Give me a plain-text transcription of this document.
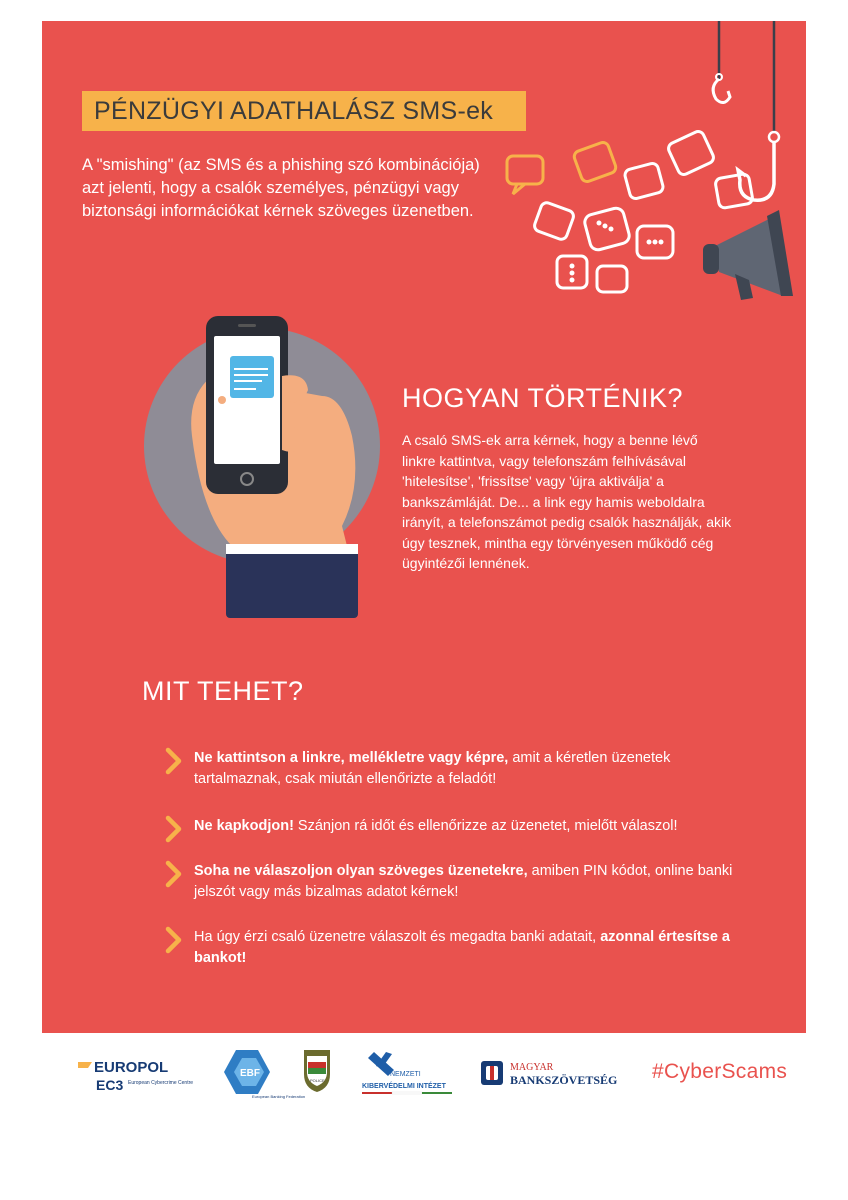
PÉNZÜGYI ADATHALÁSZ SMS-ek
A "smishing" (az SMS és a phishing szó kombinációja) azt jelenti, hogy a csalók személyes, pénzügyi vagy biztonsági információkat kérnek szöveges üzenetben.
HOGYAN TÖRTÉNIK?
A csaló SMS-ek arra kérnek, hogy a benne lévő linkre kattintva, vagy telefonszám felhívásával 'hitelesítse', 'frissítse' vagy 'újra aktiválja' a bankszámláját. De... a link egy hamis weboldalra irányít, a telefonszámot pedig csalók használják, akik úgy tesznek, mintha egy törvényesen működő cég ügyintézői lennének.
MIT TEHET?
Ne kattintson a linkre, mellékletre vagy képre, amit a kéretlen üzenetek tartalmaznak, csak miután ellenőrizte a feladót!
Ne kapkodjon! Szánjon rá időt és ellenőrizze az üzenetet, mielőtt válaszol!
Soha ne válaszoljon olyan szöveges üzenetekre, amiben PIN kódot, online banki jelszót vagy más bizalmas adatot kérnek!
Ha úgy érzi csaló üzenetre válaszolt és megadta banki adatait, azonnal értesítse a bankot!
EUROPOL
EC3 European Cybercrime Centre
EBF
European Banking Federation
POLICE
NEMZETI
KIBERVÉDELMI INTÉZET
MAGYAR
BANKSZÖVETSÉG #CyberScams
